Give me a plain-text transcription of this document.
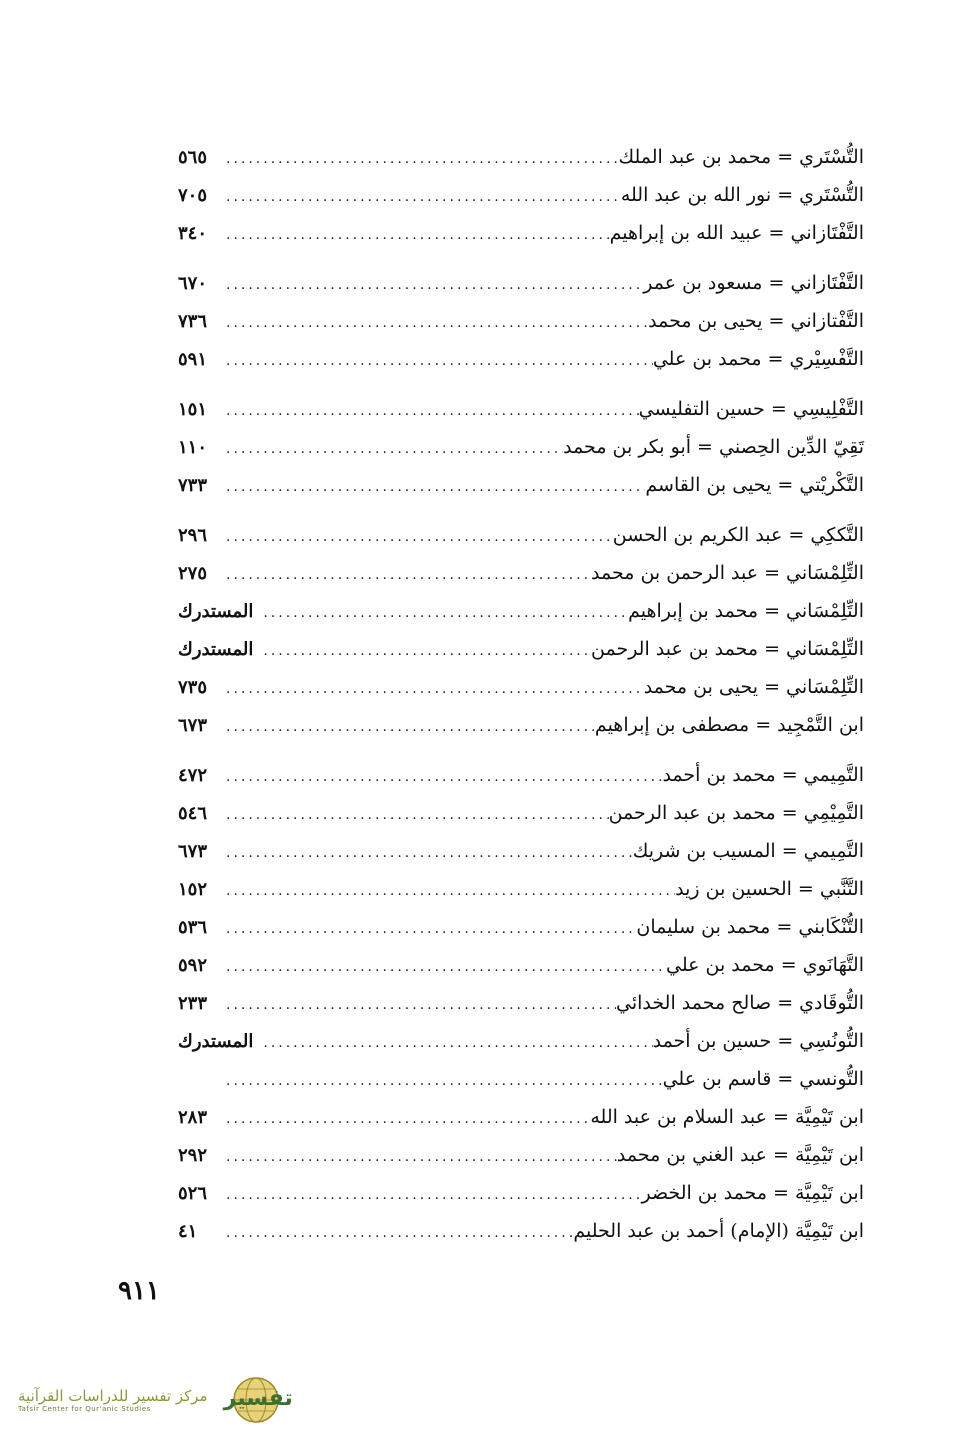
التُّسْتَري = محمد بن عبد الملك
.....
٥٦٥
التُّسْتَري = نور الله بن عبد الله
.....
٧٠٥
التَّفْتَازاني = عبيد الله بن إبراهيم
.....
٣٤٠
التَّفْتَازاني = مسعود بن عمر
.....
٦٧٠
التَّفْتازاني = يحيى بن محمد
.....
٧٣٦
التَّفْسِيْري = محمد بن علي
.....
٥٩١
التَّفْلِيسِي = حسين التفليسي
.....
١٥١
تَقِيّ الدِّين الحِصني = أبو بكر بن محمد
.....
١١٠
التَّكْريْتي = يحيى بن القاسم
.....
٧٣٣
التَّككِي = عبد الكريم بن الحسن
.....
٢٩٦
التِّلِمْسَاني = عبد الرحمن بن محمد
.....
٢٧٥
التِّلِمْسَاني = محمد بن إبراهيم
.....
المستدرك
التِّلِمْسَاني = محمد بن عبد الرحمن
.....
المستدرك
التِّلِمْسَاني = يحيى بن محمد
.....
٧٣٥
ابن التَّمْجِيد = مصطفى بن إبراهيم
.....
٦٧٣
التَّمِيمي = محمد بن أحمد
.....
٤٧٢
التَّمِيْمِي = محمد بن عبد الرحمن
.....
٥٤٦
التَّمِيمي = المسيب بن شريك
.....
٦٧٣
التَّنَّبي = الحسين بن زيد
.....
١٥٢
التُّنْكَابني = محمد بن سليمان
.....
٥٣٦
التَّهَانَوي = محمد بن علي
.....
٥٩٢
التُّوقَادي = صالح محمد الخدائي
.....
٢٣٣
التُّونُسِي = حسين بن أحمد
.....
المستدرك
التُّونسي = قاسم بن علي
.....
ابن تَيْمِيَّة = عبد السلام بن عبد الله
.....
٢٨٣
ابن تَيْمِيَّة = عبد الغني بن محمد
.....
٢٩٢
ابن تَيْمِيَّة = محمد بن الخضر
.....
٥٢٦
ابن تَيْمِيَّة (الإمام) أحمد بن عبد الحليم
.....
٤١
٩١١
مركز تفسير للدراسات القرآنية
Tafsir Center for Qur'anic Studies	تفسير
